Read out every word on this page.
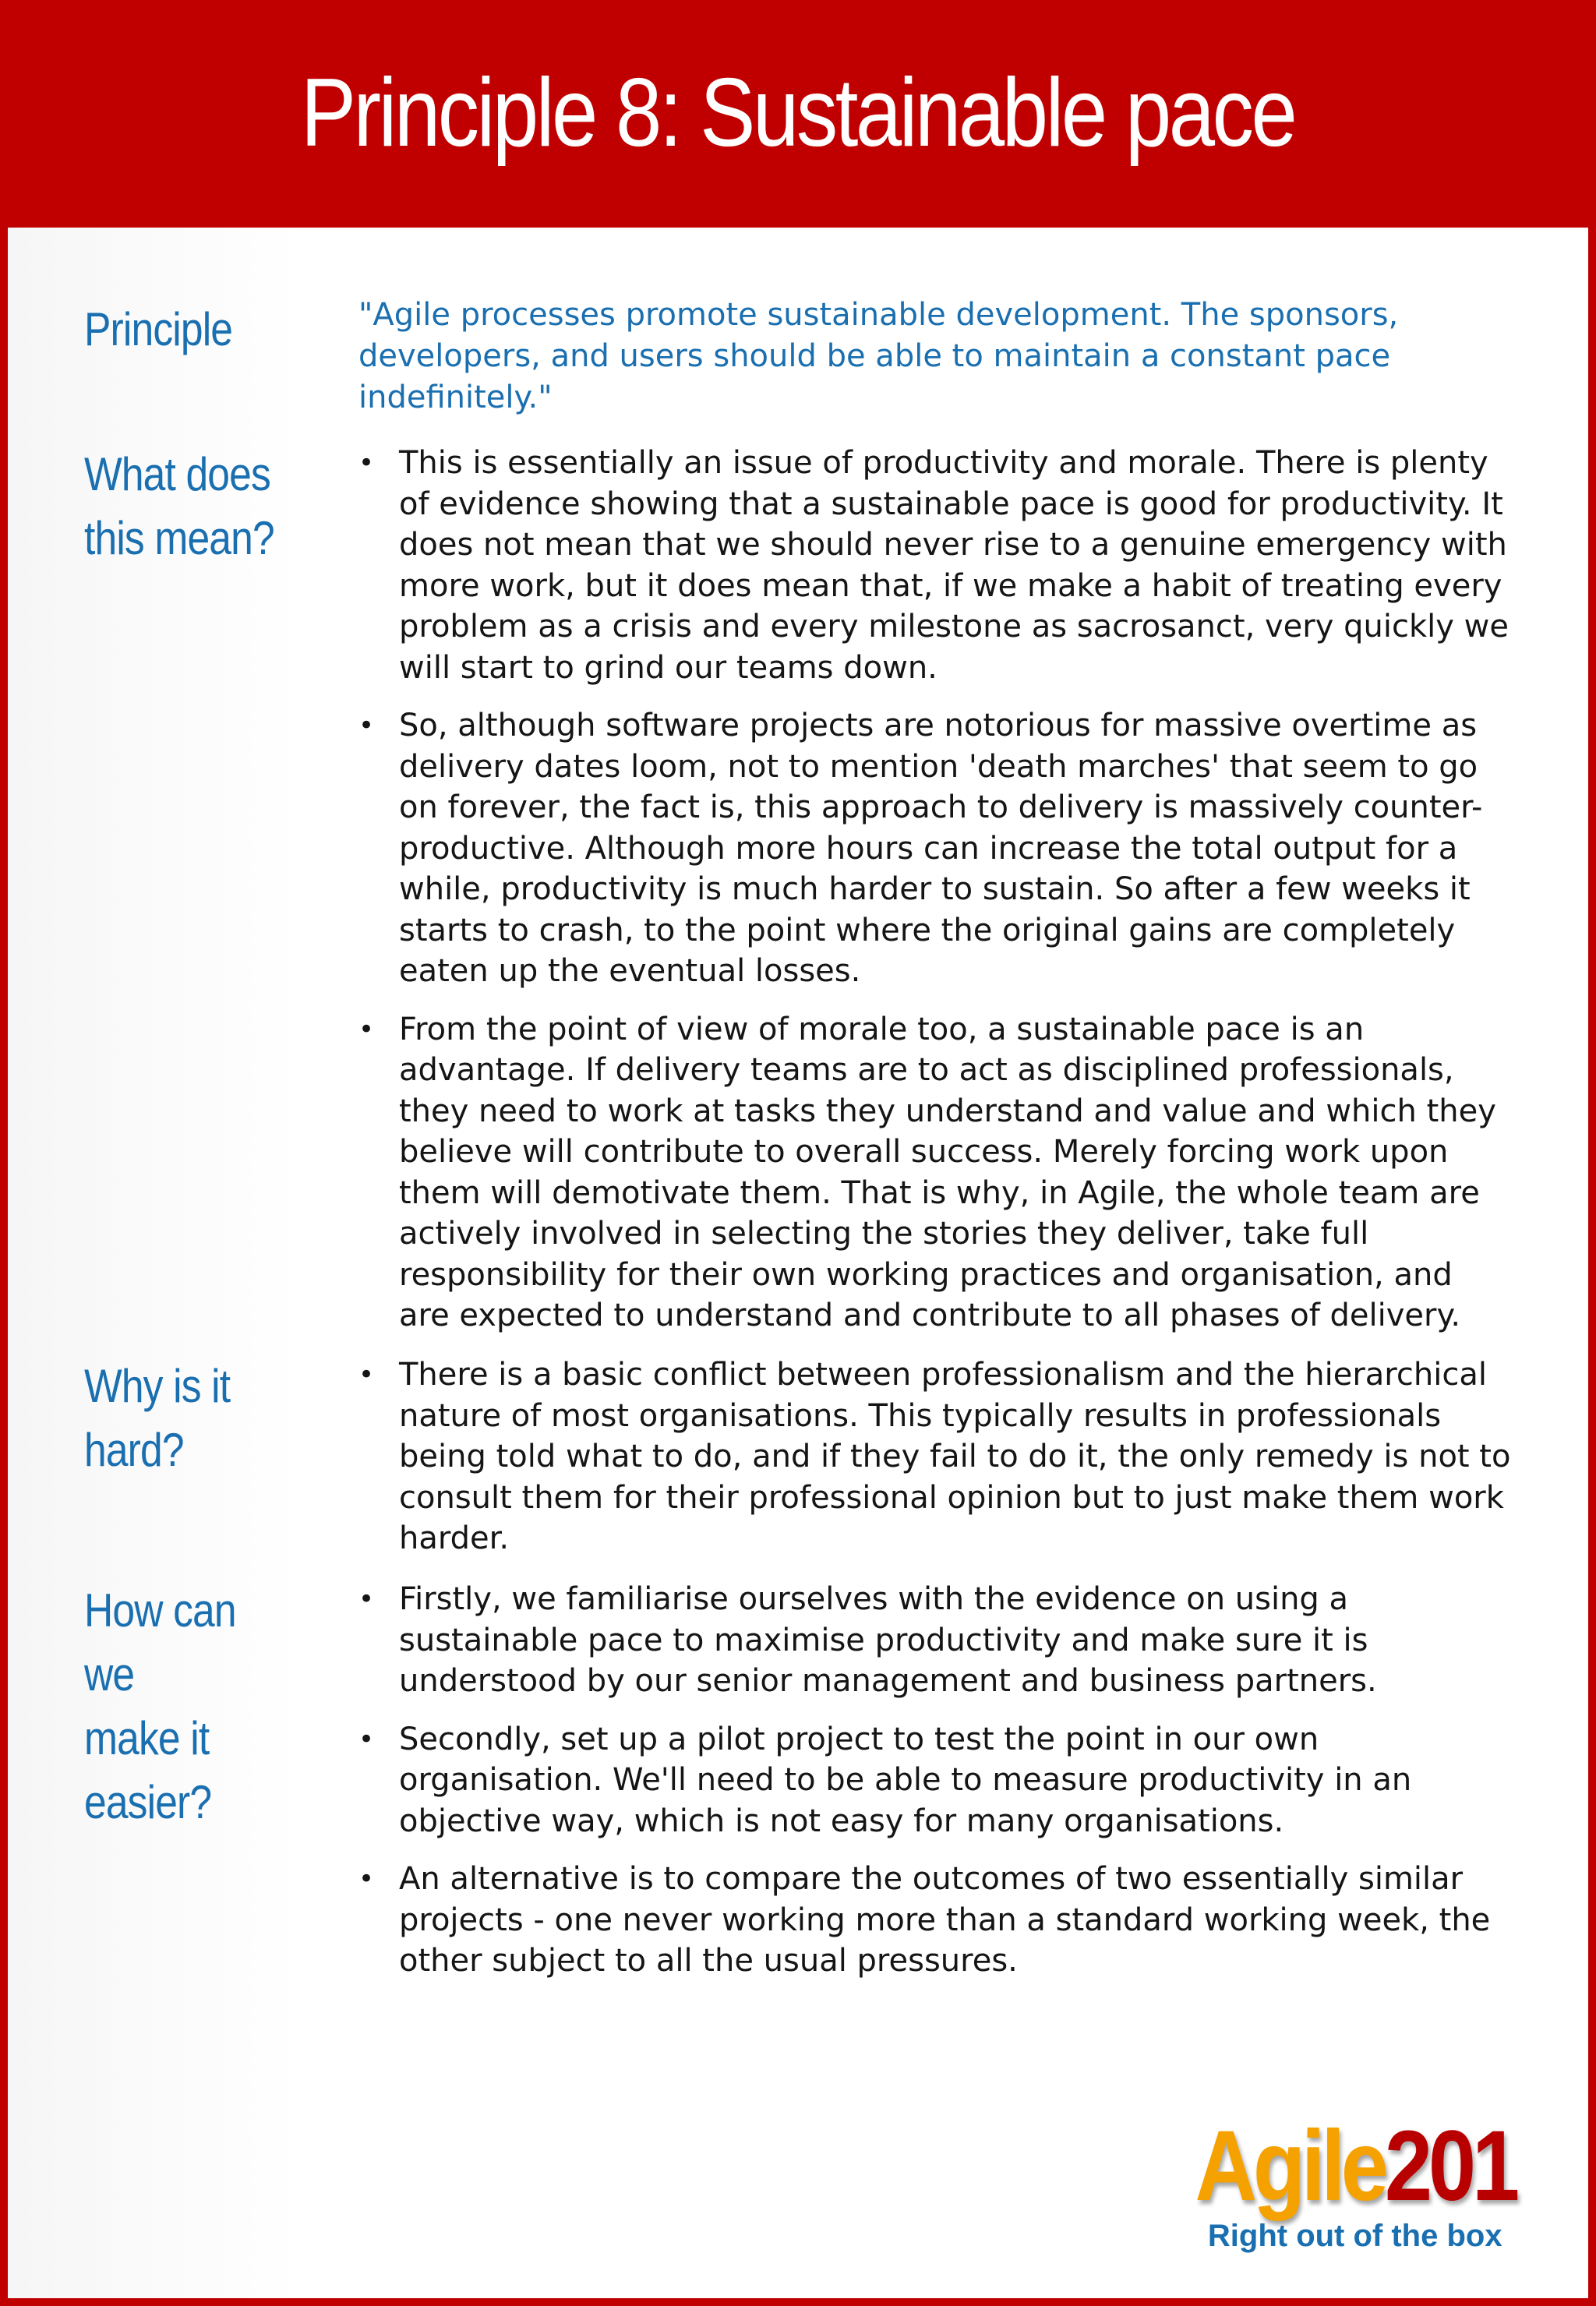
Principle 8: Sustainable pace
Principle	"Agile processes promote sustainable development. The sponsors, developers, and users should be able to maintain a constant pace indefinitely."
What does
this mean?
• This is essentially an issue of productivity and morale. There is plenty of evidence showing that a sustainable pace is good for productivity. It does not mean that we should never rise to a genuine emergency with more work, but it does mean that, if we make a habit of treating every problem as a crisis and every milestone as sacrosanct, very quickly we will start to grind our teams down.
• So, although software projects are notorious for massive overtime as delivery dates loom, not to mention 'death marches' that seem to go on forever, the fact is, this approach to delivery is massively counter-productive. Although more hours can increase the total output for a while, productivity is much harder to sustain. So after a few weeks it starts to crash, to the point where the original gains are completely eaten up the eventual losses.
• From the point of view of morale too, a sustainable pace is an advantage. If delivery teams are to act as disciplined professionals, they need to work at tasks they understand and value and which they believe will contribute to overall success. Merely forcing work upon them will demotivate them. That is why, in Agile, the whole team are actively involved in selecting the stories they deliver, take full responsibility for their own working practices and organisation, and are expected to understand and contribute to all phases of delivery.
Why is it
hard?
• There is a basic conflict between professionalism and the hierarchical nature of most organisations. This typically results in professionals being told what to do, and if they fail to do it, the only remedy is not to consult them for their professional opinion but to just make them work harder.
How can we
make it
easier?
• Firstly, we familiarise ourselves with the evidence on using a sustainable pace to maximise productivity and make sure it is understood by our senior management and business partners.
• Secondly, set up a pilot project to test the point in our own organisation. We'll need to be able to measure productivity in an objective way, which is not easy for many organisations.
• An alternative is to compare the outcomes of two essentially similar projects - one never working more than a standard working week, the other subject to all the usual pressures.
Agile201
Right out of the box
